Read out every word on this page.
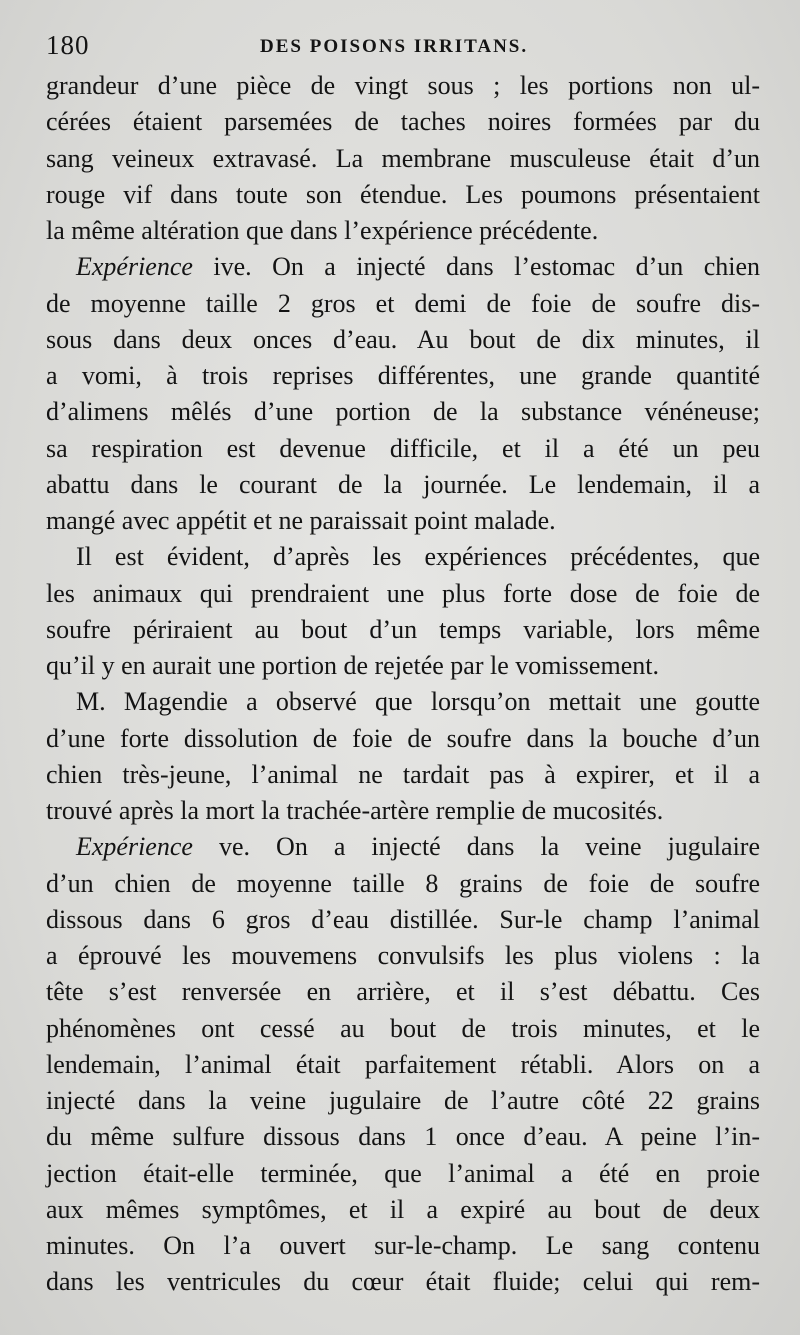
180	DES POISONS IRRITANS.
grandeur d’une pièce de vingt sous ; les portions non ul-
cérées étaient parsemées de taches noires formées par du
sang veineux extravasé. La membrane musculeuse était d’un
rouge vif dans toute son étendue. Les poumons présentaient
la même altération que dans l’expérience précédente.
Expérience ive. On a injecté dans l’estomac d’un chien
de moyenne taille 2 gros et demi de foie de soufre dis-
sous dans deux onces d’eau. Au bout de dix minutes, il
a vomi, à trois reprises différentes, une grande quantité
d’alimens mêlés d’une portion de la substance vénéneuse;
sa respiration est devenue difficile, et il a été un peu
abattu dans le courant de la journée. Le lendemain, il a
mangé avec appétit et ne paraissait point malade.
Il est évident, d’après les expériences précédentes, que
les animaux qui prendraient une plus forte dose de foie de
soufre périraient au bout d’un temps variable, lors même
qu’il y en aurait une portion de rejetée par le vomissement.
M. Magendie a observé que lorsqu’on mettait une goutte
d’une forte dissolution de foie de soufre dans la bouche d’un
chien très-jeune, l’animal ne tardait pas à expirer, et il a
trouvé après la mort la trachée-artère remplie de mucosités.
Expérience ve. On a injecté dans la veine jugulaire
d’un chien de moyenne taille 8 grains de foie de soufre
dissous dans 6 gros d’eau distillée. Sur-le champ l’animal
a éprouvé les mouvemens convulsifs les plus violens : la
tête s’est renversée en arrière, et il s’est débattu. Ces
phénomènes ont cessé au bout de trois minutes, et le
lendemain, l’animal était parfaitement rétabli. Alors on a
injecté dans la veine jugulaire de l’autre côté 22 grains
du même sulfure dissous dans 1 once d’eau. A peine l’in-
jection était-elle terminée, que l’animal a été en proie
aux mêmes symptômes, et il a expiré au bout de deux
minutes. On l’a ouvert sur-le-champ. Le sang contenu
dans les ventricules du cœur était fluide; celui qui rem-
